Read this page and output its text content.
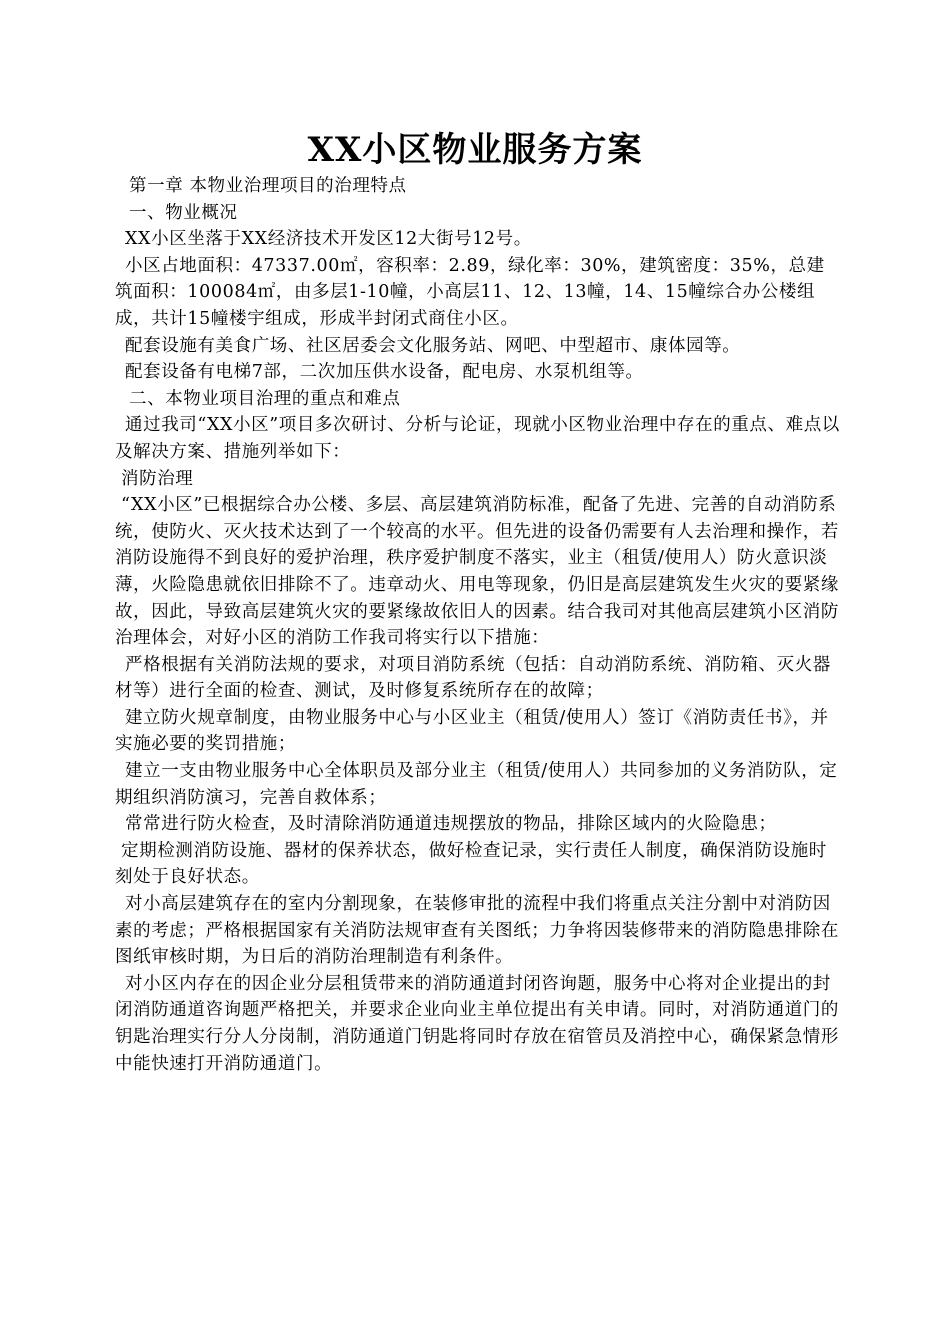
XX小区物业服务方案

第一章 本物业治理项目的治理特点

一、物业概况

XX小区坐落于XX经济技术开发区12大街号12号。

小区占地面积：47337.00㎡，容积率：2.89，绿化率：30%，建筑密度：35%，总建筑面积：100084㎡，由多层1-10幢，小高层11、12、13幢，14、15幢综合办公楼组成，共计15幢楼宇组成，形成半封闭式商住小区。

配套设施有美食广场、社区居委会文化服务站、网吧、中型超市、康体园等。

配套设备有电梯7部，二次加压供水设备，配电房、水泵机组等。

二、本物业项目治理的重点和难点

通过我司“XX小区”项目多次研讨、分析与论证，现就小区物业治理中存在的重点、难点以及解决方案、措施列举如下：

消防治理

“XX小区”已根据综合办公楼、多层、高层建筑消防标准，配备了先进、完善的自动消防系统，使防火、灭火技术达到了一个较高的水平。但先进的设备仍需要有人去治理和操作，若消防设施得不到良好的爱护治理，秩序爱护制度不落实，业主（租赁/使用人）防火意识淡薄，火险隐患就依旧排除不了。违章动火、用电等现象，仍旧是高层建筑发生火灾的要紧缘故，因此，导致高层建筑火灾的要紧缘故依旧人的因素。结合我司对其他高层建筑小区消防治理体会，对好小区的消防工作我司将实行以下措施：

严格根据有关消防法规的要求，对项目消防系统（包括：自动消防系统、消防箱、灭火器材等）进行全面的检查、测试，及时修复系统所存在的故障；

建立防火规章制度，由物业服务中心与小区业主（租赁/使用人）签订《消防责任书》，并实施必要的奖罚措施；

建立一支由物业服务中心全体职员及部分业主（租赁/使用人）共同参加的义务消防队，定期组织消防演习，完善自救体系；

常常进行防火检查，及时清除消防通道违规摆放的物品，排除区域内的火险隐患；

定期检测消防设施、器材的保养状态，做好检查记录，实行责任人制度，确保消防设施时刻处于良好状态。

对小高层建筑存在的室内分割现象，在装修审批的流程中我们将重点关注分割中对消防因素的考虑；严格根据国家有关消防法规审查有关图纸；力争将因装修带来的消防隐患排除在图纸审核时期，为日后的消防治理制造有利条件。

对小区内存在的因企业分层租赁带来的消防通道封闭咨询题，服务中心将对企业提出的封闭消防通道咨询题严格把关，并要求企业向业主单位提出有关申请。同时，对消防通道门的钥匙治理实行分人分岗制，消防通道门钥匙将同时存放在宿管员及消控中心，确保紧急情形中能快速打开消防通道门。
